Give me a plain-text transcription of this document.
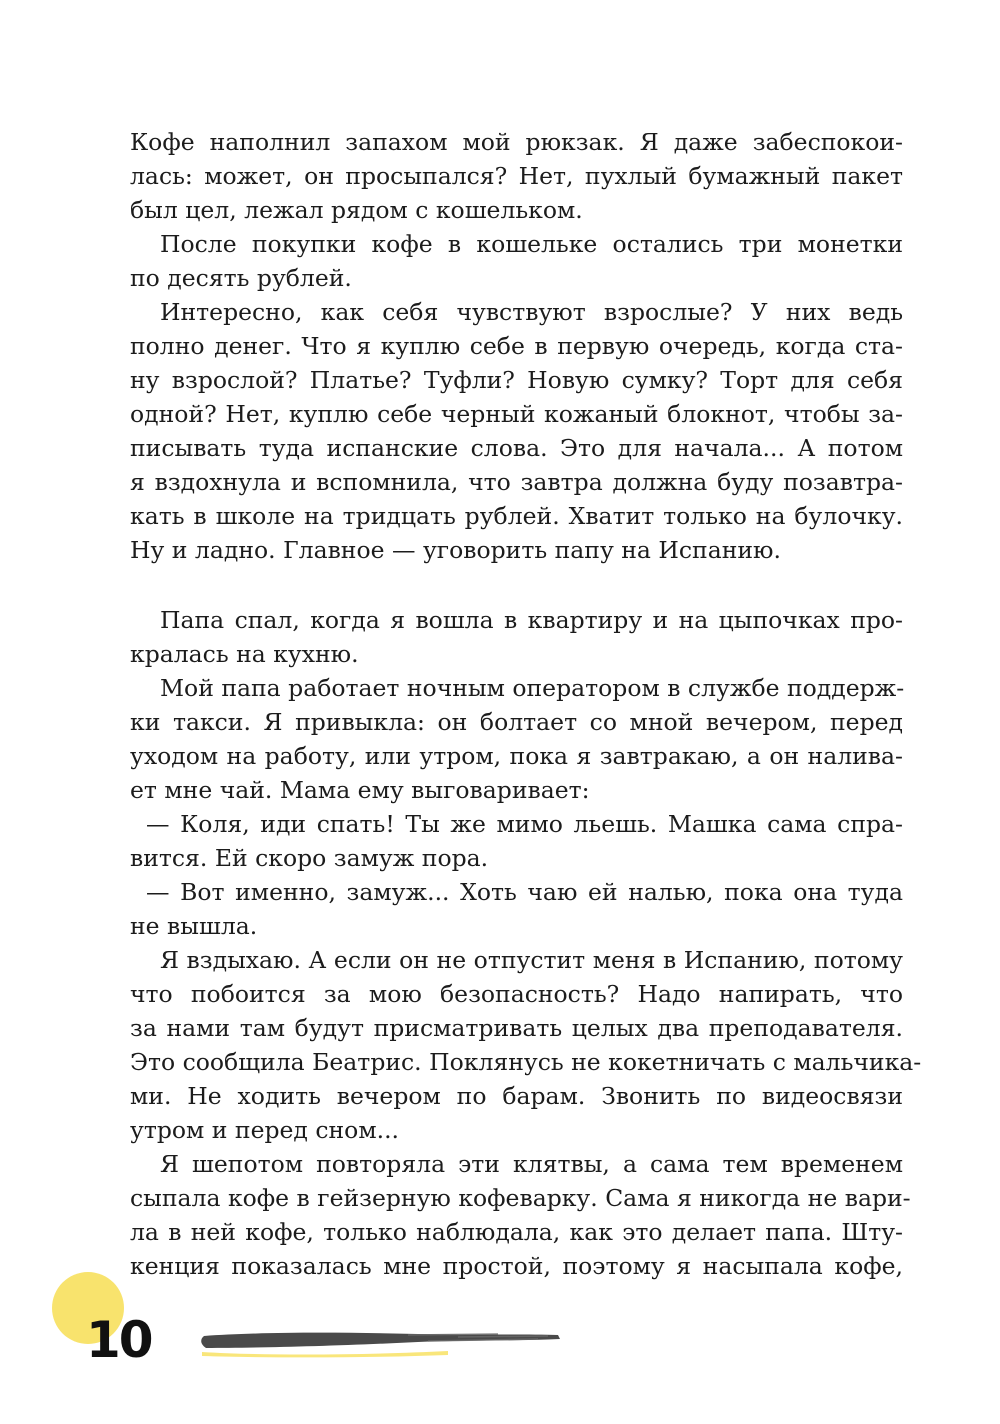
Кофе наполнил запахом мой рюкзак. Я даже забеспокои-
лась: может, он просыпался? Нет, пухлый бумажный пакет
был цел, лежал рядом с кошельком.
После покупки кофе в кошельке остались три монетки
по десять рублей.
Интересно, как себя чувствуют взрослые? У них ведь
полно денег. Что я куплю себе в первую очередь, когда ста-
ну взрослой? Платье? Туфли? Новую сумку? Торт для себя
одной? Нет, куплю себе черный кожаный блокнот, чтобы за-
писывать туда испанские слова. Это для начала... А потом
я вздохнула и вспомнила, что завтра должна буду позавтра-
кать в школе на тридцать рублей. Хватит только на булочку.
Ну и ладно. Главное — уговорить папу на Испанию.
Папа спал, когда я вошла в квартиру и на цыпочках про-
кралась на кухню.
Мой папа работает ночным оператором в службе поддерж-
ки такси. Я привыкла: он болтает со мной вечером, перед
уходом на работу, или утром, пока я завтракаю, а он налива-
ет мне чай. Мама ему выговаривает:
— Коля, иди спать! Ты же мимо льешь. Машка сама спра-
вится. Ей скоро замуж пора.
— Вот именно, замуж... Хоть чаю ей налью, пока она туда
не вышла.
Я вздыхаю. А если он не отпустит меня в Испанию, потому
что побоится за мою безопасность? Надо напирать, что
за нами там будут присматривать целых два преподавателя.
Это сообщила Беатрис. Поклянусь не кокетничать с мальчика-
ми. Не ходить вечером по барам. Звонить по видеосвязи
утром и перед сном...
Я шепотом повторяла эти клятвы, а сама тем временем
сыпала кофе в гейзерную кофеварку. Сама я никогда не вари-
ла в ней кофе, только наблюдала, как это делает папа. Шту-
кенция показалась мне простой, поэтому я насыпала кофе,
10
